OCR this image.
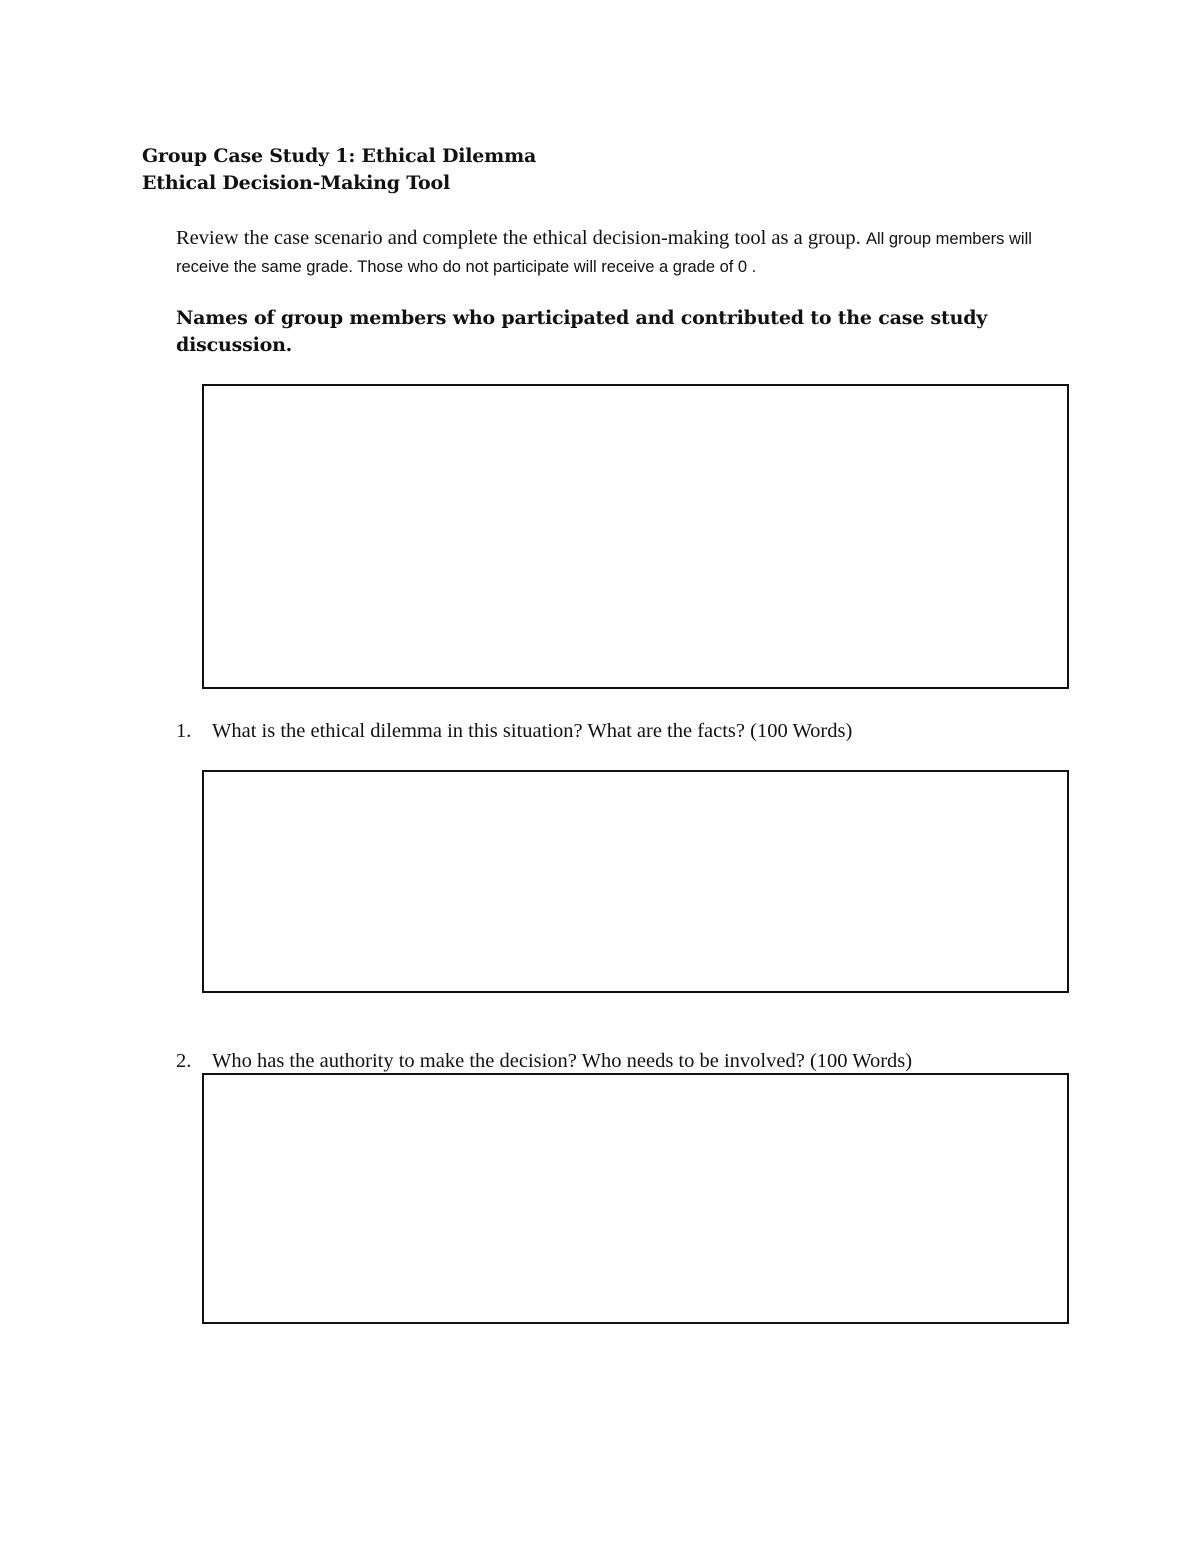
Group Case Study 1: Ethical Dilemma
Ethical Decision-Making Tool
Review the case scenario and complete the ethical decision-making tool as a group. All group members will receive the same grade. Those who do not participate will receive a grade of 0 .
Names of group members who participated and contributed to the case study discussion.
1. What is the ethical dilemma in this situation? What are the facts? (100 Words)
2. Who has the authority to make the decision? Who needs to be involved? (100 Words)
